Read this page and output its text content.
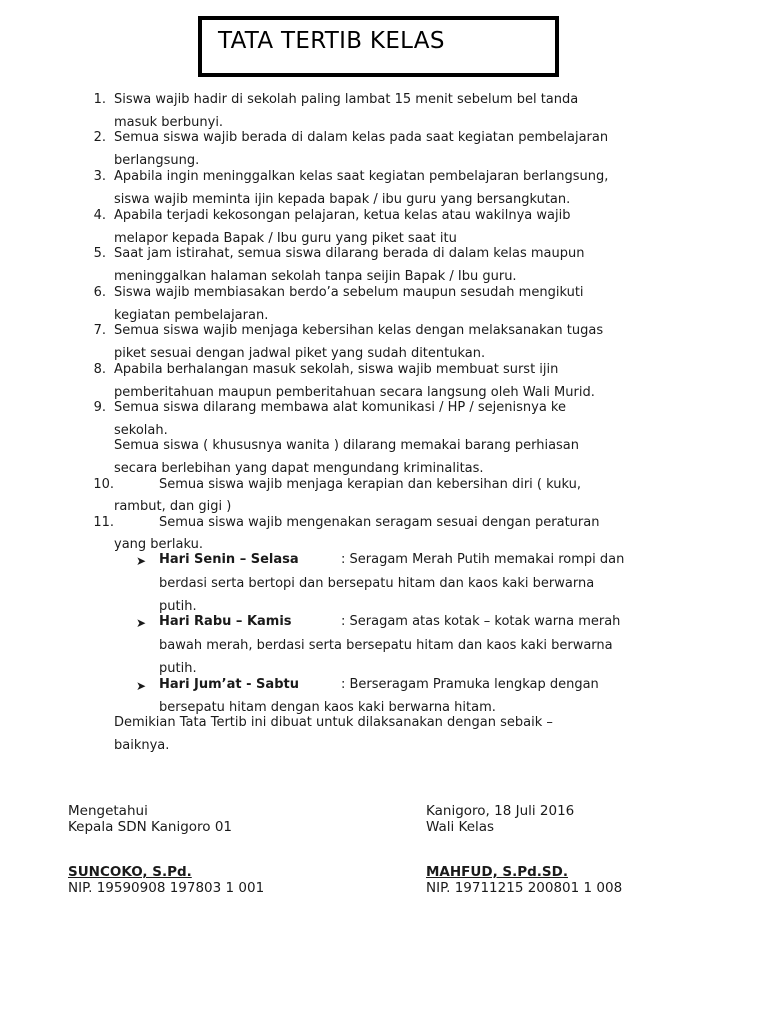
TATA TERTIB KELAS
1. Siswa wajib hadir di sekolah paling lambat 15 menit sebelum bel tanda
masuk berbunyi.
2. Semua siswa wajib berada di dalam kelas pada saat kegiatan pembelajaran
berlangsung.
3. Apabila ingin meninggalkan kelas saat kegiatan pembelajaran berlangsung,
siswa wajib meminta ijin kepada bapak / ibu guru yang bersangkutan.
4. Apabila terjadi kekosongan pelajaran, ketua kelas atau wakilnya wajib
melapor kepada Bapak / Ibu guru yang piket saat itu
5. Saat jam istirahat, semua siswa dilarang berada di dalam kelas maupun
meninggalkan halaman sekolah tanpa seijin Bapak / Ibu guru.
6. Siswa wajib membiasakan berdo’a sebelum maupun sesudah mengikuti
kegiatan pembelajaran.
7. Semua siswa wajib menjaga kebersihan kelas dengan melaksanakan tugas
piket sesuai dengan jadwal piket yang sudah ditentukan.
8. Apabila berhalangan masuk sekolah, siswa wajib membuat surst ijin
pemberitahuan maupun pemberitahuan secara langsung oleh Wali Murid.
9. Semua siswa dilarang membawa alat komunikasi / HP / sejenisnya ke
sekolah.
Semua siswa ( khususnya wanita ) dilarang memakai barang perhiasan
secara berlebihan yang dapat mengundang kriminalitas.
10.	Semua siswa wajib menjaga kerapian dan kebersihan diri ( kuku,
rambut, dan gigi )
11.	Semua siswa wajib mengenakan seragam sesuai dengan peraturan
yang berlaku.
➤ Hari Senin – Selasa	: Seragam Merah Putih memakai rompi dan
berdasi serta bertopi dan bersepatu hitam dan kaos kaki berwarna
putih.
➤ Hari Rabu – Kamis	: Seragam atas kotak – kotak warna merah
bawah merah, berdasi serta bersepatu hitam dan kaos kaki berwarna
putih.
➤ Hari Jum’at - Sabtu	: Berseragam Pramuka lengkap dengan
bersepatu hitam dengan kaos kaki berwarna hitam.
Demikian Tata Tertib ini dibuat untuk dilaksanakan dengan sebaik –
baiknya.
Mengetahui
Kepala SDN Kanigoro 01
SUNCOKO, S.Pd.
NIP. 19590908 197803 1 001
Kanigoro, 18 Juli 2016
Wali Kelas
MAHFUD, S.Pd.SD.
NIP. 19711215 200801 1 008
